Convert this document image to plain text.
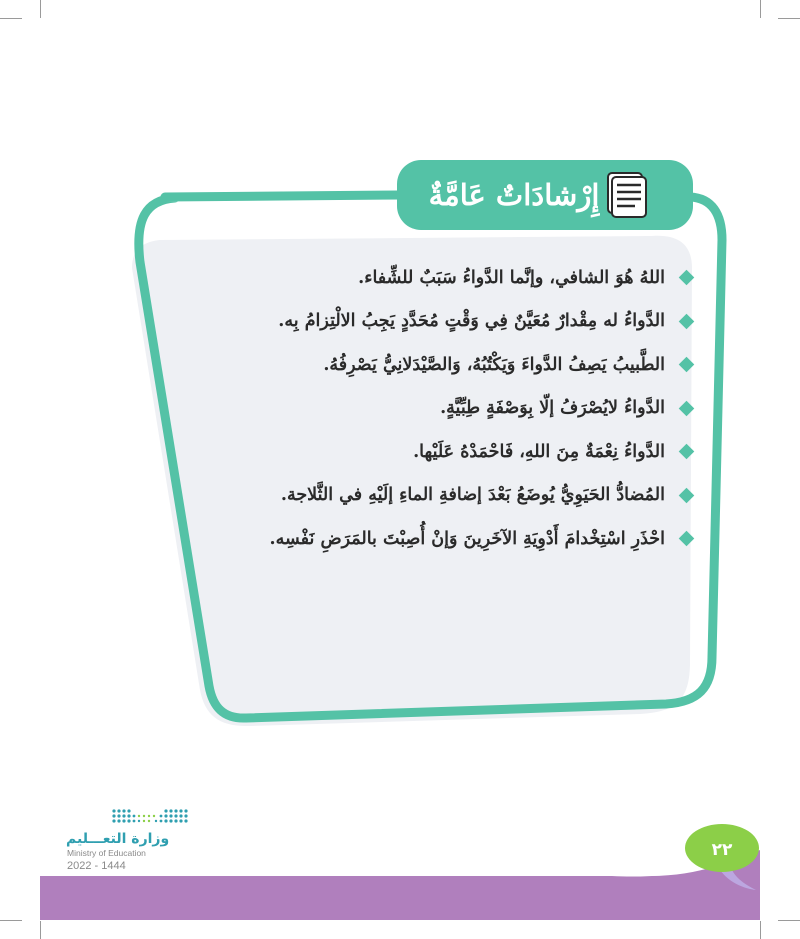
إِرْشادَاتٌ عَامَّةٌ
اللهُ هُوَ الشافي، وإنَّما الدَّواءُ سَبَبٌ للشِّفاء.
الدَّواءُ له مِقْدارٌ مُعَيَّنٌ فِي وَقْتٍ مُحَدَّدٍ يَجِبُ الالْتِزامُ بِه.
الطَّبيبُ يَصِفُ الدَّواءَ وَيَكْتُبُهُ، وَالصَّيْدَلانِيُّ يَصْرِفُهُ.
الدَّواءُ لايُصْرَفُ إلّا بِوَصْفَةٍ طِبِّيَّةٍ.
الدَّواءُ نِعْمَةٌ مِنَ اللهِ، فَاحْمَدْهُ عَلَيْها.
المُضادُّ الحَيَوِيُّ يُوضَعُ بَعْدَ إضافةِ الماءِ إلَيْهِ في الثَّلاجة.
احْذَرِ اسْتِخْدامَ أَدْوِيَةِ الآخَرِينَ وَإنْ أُصِبْتَ بالمَرَضِ نَفْسِه.
وزارة التعـــليم
Ministry of Education
2022 - 1444
٢٢
